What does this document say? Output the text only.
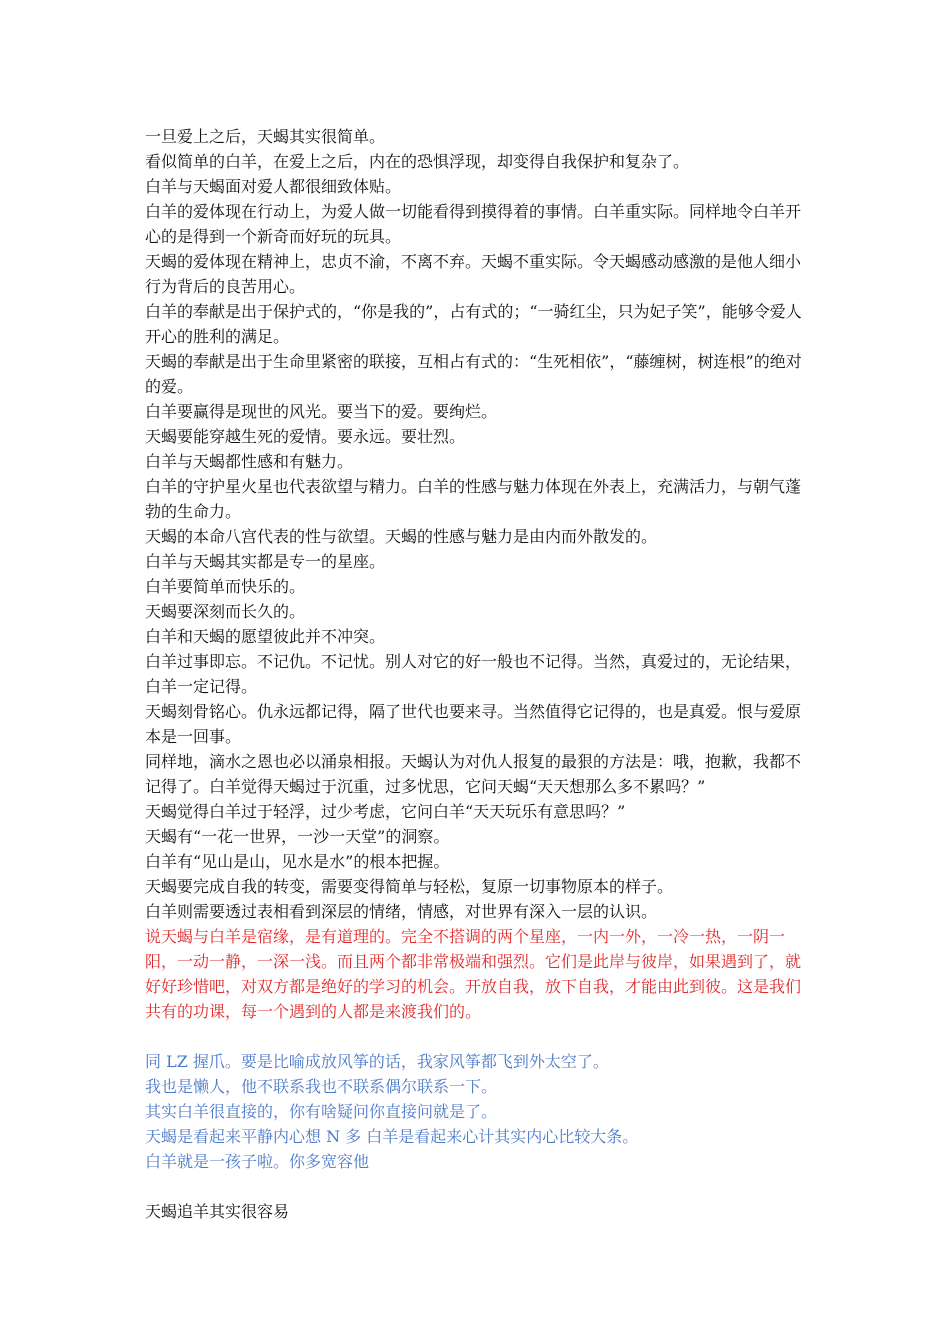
一旦爱上之后，天蝎其实很简单。

看似简单的白羊，在爱上之后，内在的恐惧浮现，却变得自我保护和复杂了。

白羊与天蝎面对爱人都很细致体贴。

白羊的爱体现在行动上，为爱人做一切能看得到摸得着的事情。白羊重实际。同样地令白羊开心的是得到一个新奇而好玩的玩具。

天蝎的爱体现在精神上，忠贞不渝，不离不弃。天蝎不重实际。令天蝎感动感激的是他人细小行为背后的良苦用心。

白羊的奉献是出于保护式的，“你是我的”，占有式的；“一骑红尘，只为妃子笑”，能够令爱人开心的胜利的满足。

天蝎的奉献是出于生命里紧密的联接，互相占有式的：“生死相依”，“藤缠树，树连根”的绝对的爱。

白羊要赢得是现世的风光。要当下的爱。要绚烂。

天蝎要能穿越生死的爱情。要永远。要壮烈。

白羊与天蝎都性感和有魅力。

白羊的守护星火星也代表欲望与精力。白羊的性感与魅力体现在外表上，充满活力，与朝气蓬勃的生命力。

天蝎的本命八宫代表的性与欲望。天蝎的性感与魅力是由内而外散发的。

白羊与天蝎其实都是专一的星座。

白羊要简单而快乐的。

天蝎要深刻而长久的。

白羊和天蝎的愿望彼此并不冲突。

白羊过事即忘。不记仇。不记忧。别人对它的好一般也不记得。当然，真爱过的，无论结果，白羊一定记得。

天蝎刻骨铭心。仇永远都记得，隔了世代也要来寻。当然值得它记得的，也是真爱。恨与爱原本是一回事。

同样地，滴水之恩也必以涌泉相报。天蝎认为对仇人报复的最狠的方法是：哦，抱歉，我都不记得了。白羊觉得天蝎过于沉重，过多忧思，它问天蝎“天天想那么多不累吗？”

天蝎觉得白羊过于轻浮，过少考虑，它问白羊“天天玩乐有意思吗？”

天蝎有“一花一世界，一沙一天堂”的洞察。

白羊有“见山是山，见水是水”的根本把握。

天蝎要完成自我的转变，需要变得简单与轻松，复原一切事物原本的样子。

白羊则需要透过表相看到深层的情绪，情感，对世界有深入一层的认识。

说天蝎与白羊是宿缘，是有道理的。完全不搭调的两个星座，一内一外，一冷一热，一阴一阳，一动一静，一深一浅。而且两个都非常极端和强烈。它们是此岸与彼岸，如果遇到了，就好好珍惜吧，对双方都是绝好的学习的机会。开放自我，放下自我，才能由此到彼。这是我们共有的功课，每一个遇到的人都是来渡我们的。

同 LZ 握爪。要是比喻成放风筝的话，我家风筝都飞到外太空了。

我也是懒人，他不联系我也不联系偶尔联系一下。

其实白羊很直接的，你有啥疑问你直接问就是了。

天蝎是看起来平静内心想 N 多 白羊是看起来心计其实内心比较大条。

白羊就是一孩子啦。你多宽容他

天蝎追羊其实很容易
